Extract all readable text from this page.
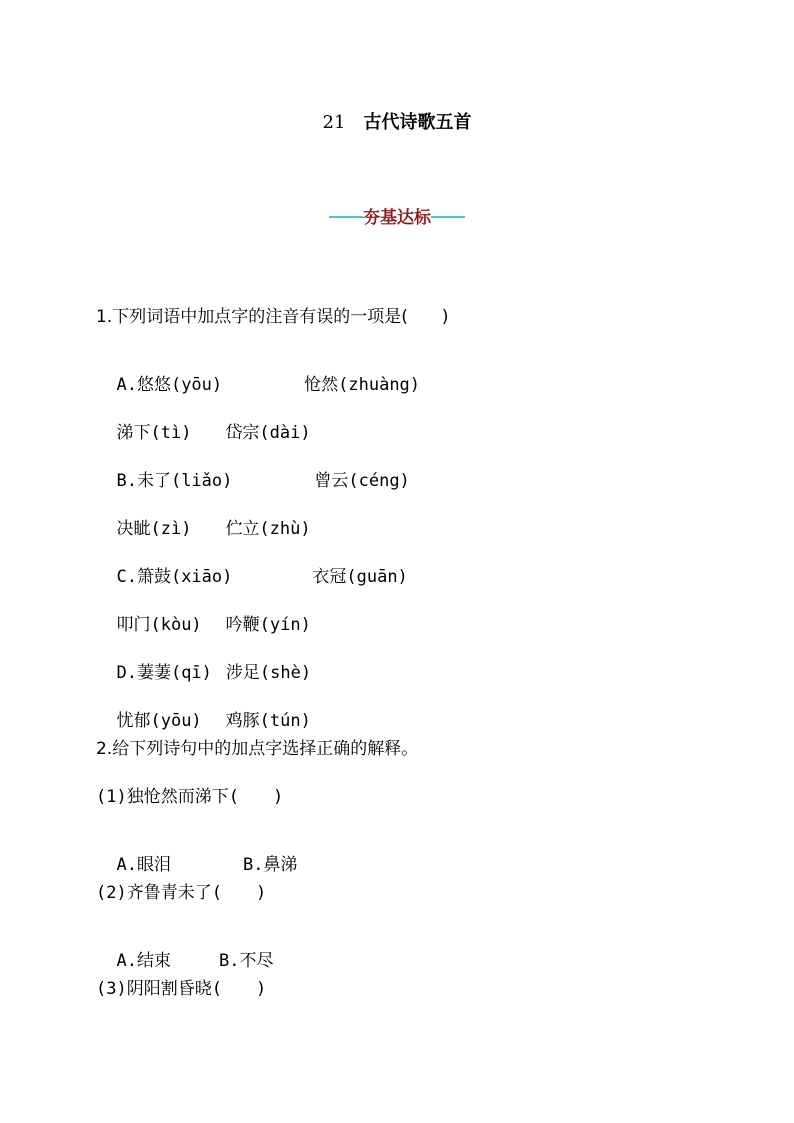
21 古代诗歌五首
夯基达标
1.下列词语中加点字的注音有误的一项是(　　)

A.悠悠(yōu)	怆然(zhuàng)

涕下(tì) 岱宗(dài)

B.未了(liǎo)	曾云(céng)

决眦(zì) 伫立(zhù)

C.箫鼓(xiāo)	衣冠(guān)

叩门(kòu) 吟鞭(yín)

D.萋萋(qī) 涉足(shè)

忧郁(yōu) 鸡豚(tún)

2.给下列诗句中的加点字选择正确的解释。
(1)独怆然而涕下(　　)

A.眼泪	B.鼻涕

(2)齐鲁青未了(　　)

A.结束	B.不尽

(3)阴阳割昏晓(　　)
